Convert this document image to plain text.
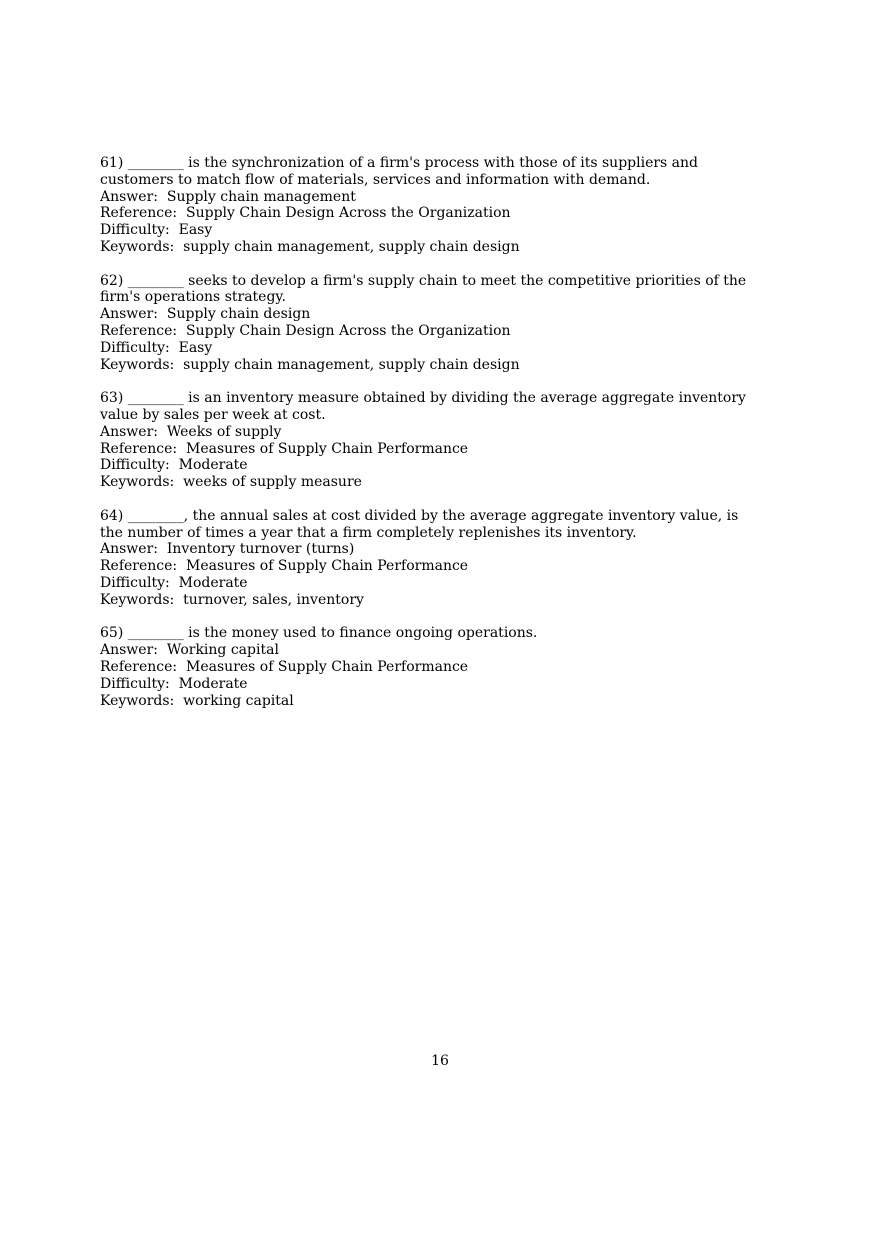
61) ________ is the synchronization of a firm's process with those of its suppliers and
customers to match flow of materials, services and information with demand.
Answer:  Supply chain management
Reference:  Supply Chain Design Across the Organization
Difficulty:  Easy
Keywords:  supply chain management, supply chain design
62) ________ seeks to develop a firm's supply chain to meet the competitive priorities of the
firm's operations strategy.
Answer:  Supply chain design
Reference:  Supply Chain Design Across the Organization
Difficulty:  Easy
Keywords:  supply chain management, supply chain design
63) ________ is an inventory measure obtained by dividing the average aggregate inventory
value by sales per week at cost.
Answer:  Weeks of supply
Reference:  Measures of Supply Chain Performance
Difficulty:  Moderate
Keywords:  weeks of supply measure
64) ________, the annual sales at cost divided by the average aggregate inventory value, is
the number of times a year that a firm completely replenishes its inventory.
Answer:  Inventory turnover (turns)
Reference:  Measures of Supply Chain Performance
Difficulty:  Moderate
Keywords:  turnover, sales, inventory
65) ________ is the money used to finance ongoing operations.
Answer:  Working capital
Reference:  Measures of Supply Chain Performance
Difficulty:  Moderate
Keywords:  working capital
16
